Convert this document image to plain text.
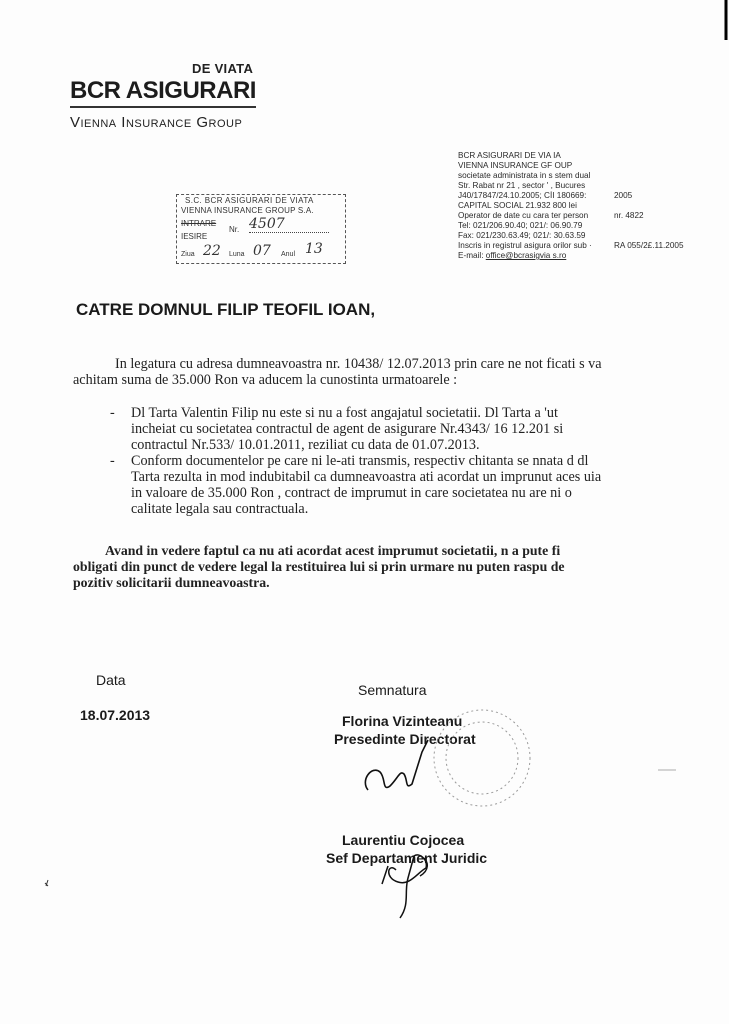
DE VIATA
BCR ASIGURARI
Vienna Insurance Group
BCR ASIGURARI DE VIA IA
VIENNA INSURANCE GF OUP
societate administrata in s stem dual
Str. Rabat nr 21 , sector ' , Bucures
J40/17847/24.10.2005; CİI 180669:	2005
CAPITAL SOCIAL 21.932 800 lei
Operator de date cu cara ter person	nr. 4822
Tel: 021/206.90.40; 021/: 06.90.79
Fax: 021/230.63.49; 021/: 30.63.59
Inscris in registrul asigura orilor sub ·	RA 055/2£.11.2005
E-mail:
office@bcrasigvia s.ro
S.C. BCR ASIGURARI DE VIATA
VIENNA INSURANCE GROUP S.A.
INTRARE
IESIRE
Nr. 4507
Ziua 22 Luna 07 Anul 13
CATRE DOMNUL FILIP TEOFIL IOAN,
In legatura cu adresa dumneavoastra nr. 10438/ 12.07.2013 prin care ne not ficati s va
achitam suma de 35.000 Ron va aducem la cunostinta urmatoarele :
- Dl Tarta Valentin Filip nu este si nu a fost angajatul societatii. Dl Tarta a 'ut
incheiat cu societatea contractul de agent de asigurare Nr.4343/ 16 12.201 si
contractul Nr.533/ 10.01.2011, reziliat cu data de 01.07.2013.
- Conform documentelor pe care ni le-ati transmis, respectiv chitanta se nnata d dl
Tarta rezulta in mod indubitabil ca dumneavoastra ati acordat un imprunut aces uia
in valoare de 35.000 Ron , contract de imprumut in care societatea nu are ni o
calitate legala sau contractuala.
Avand in vedere faptul ca nu ati acordat acest imprumut societatii, n a pute fi
obligati din punct de vedere legal la restituirea lui si prin urmare nu puten raspu de
pozitiv solicitarii dumneavoastra.
Data
18.07.2013
Semnatura
Florina Vizinteanu
Presedinte Directorat
Laurentiu Cojocea
Sef Departament Juridic
